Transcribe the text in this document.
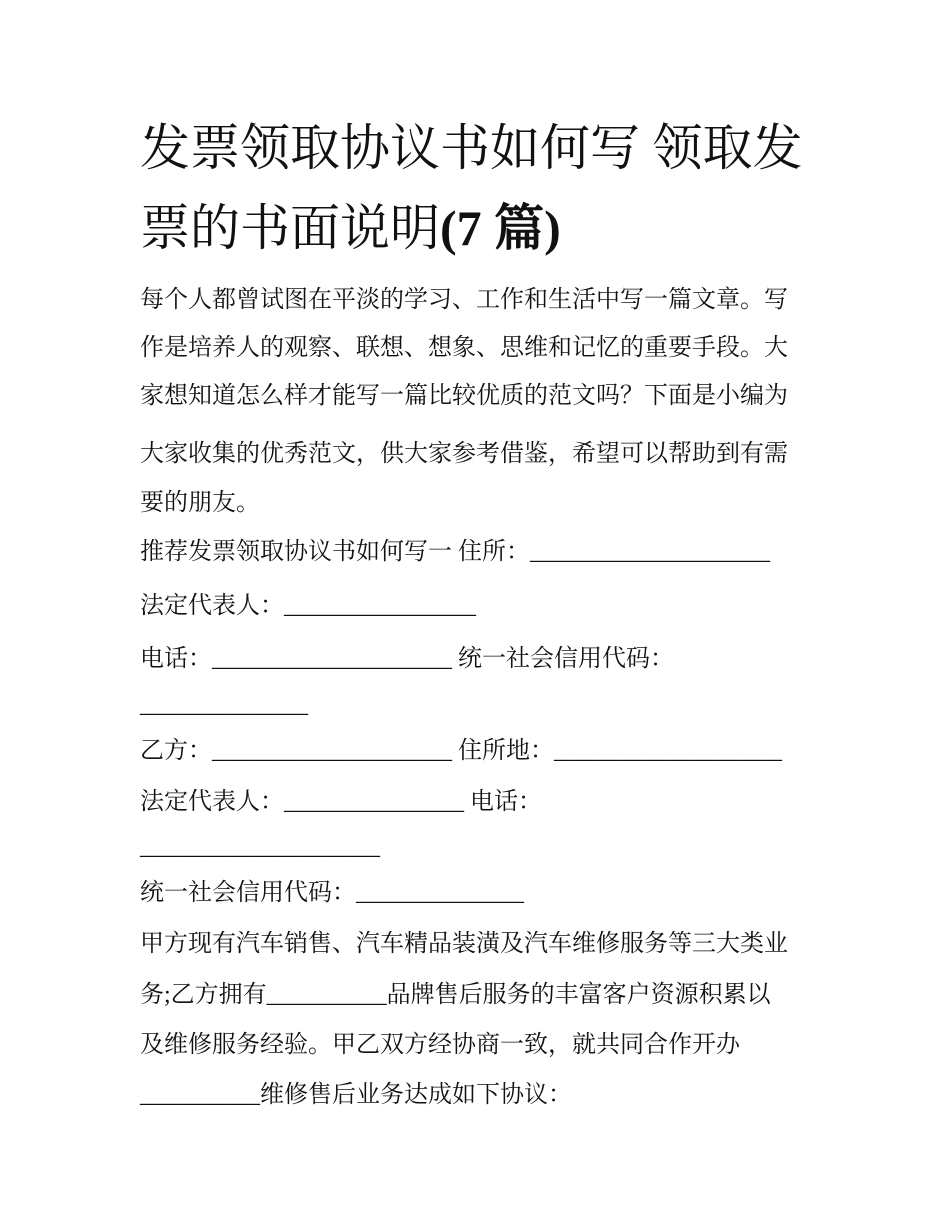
发票领取协议书如何写 领取发
票的书面说明(7 篇)
每个人都曾试图在平淡的学习、工作和生活中写一篇文章。写
作是培养人的观察、联想、想象、思维和记忆的重要手段。大
家想知道怎么样才能写一篇比较优质的范文吗？下面是小编为
大家收集的优秀范文，供大家参考借鉴，希望可以帮助到有需
要的朋友。
推荐发票领取协议书如何写一 住所：____________________
法定代表人：________________
电话：____________________ 统一社会信用代码：
______________
乙方：____________________ 住所地：___________________
法定代表人：_______________ 电话：
____________________
统一社会信用代码：______________
甲方现有汽车销售、汽车精品装潢及汽车维修服务等三大类业
务;乙方拥有__________品牌售后服务的丰富客户资源积累以
及维修服务经验。甲乙双方经协商一致，就共同合作开办
__________维修售后业务达成如下协议：
